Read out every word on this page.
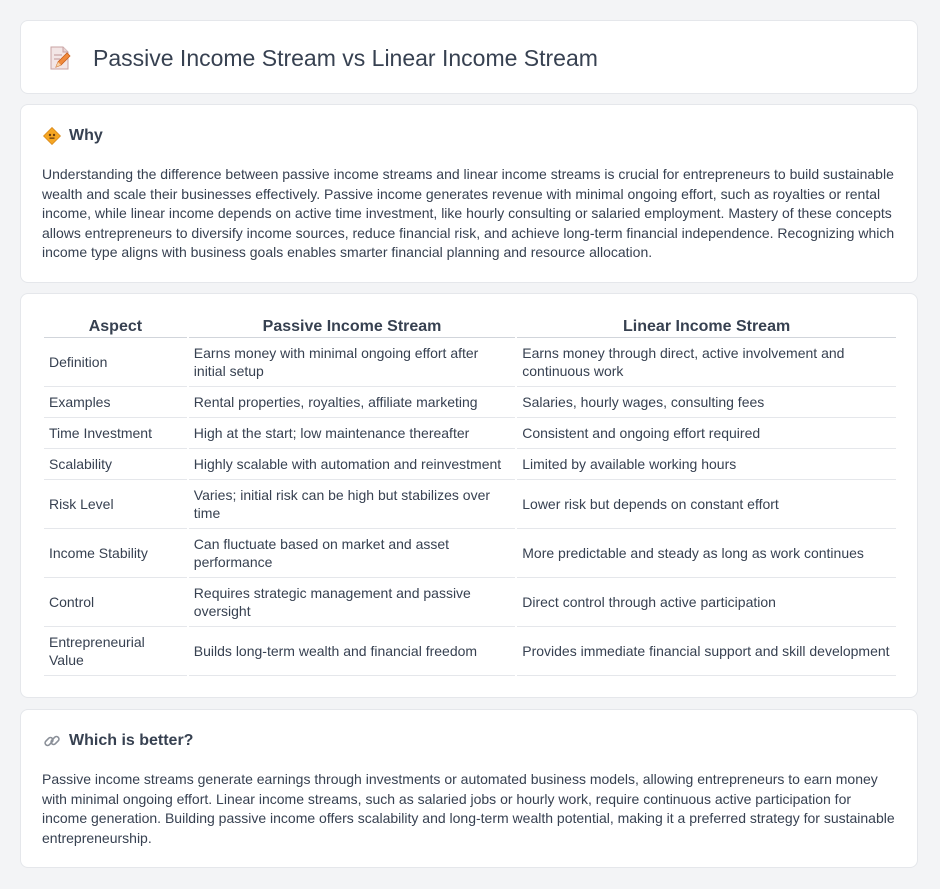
Passive Income Stream vs Linear Income Stream
Why

Understanding the difference between passive income streams and linear income streams is crucial for entrepreneurs to build sustainable wealth and scale their businesses effectively. Passive income generates revenue with minimal ongoing effort, such as royalties or rental income, while linear income depends on active time investment, like hourly consulting or salaried employment. Mastery of these concepts allows entrepreneurs to diversify income sources, reduce financial risk, and achieve long-term financial independence. Recognizing which income type aligns with business goals enables smarter financial planning and resource allocation.

Aspect	Passive Income Stream	Linear Income Stream
Definition	Earns money with minimal ongoing effort after initial setup	Earns money through direct, active involvement and continuous work
Examples	Rental properties, royalties, affiliate marketing	Salaries, hourly wages, consulting fees
Time Investment	High at the start; low maintenance thereafter	Consistent and ongoing effort required
Scalability	Highly scalable with automation and reinvestment	Limited by available working hours
Risk Level	Varies; initial risk can be high but stabilizes over time	Lower risk but depends on constant effort
Income Stability	Can fluctuate based on market and asset performance	More predictable and steady as long as work continues
Control	Requires strategic management and passive oversight	Direct control through active participation
Entrepreneurial Value	Builds long-term wealth and financial freedom	Provides immediate financial support and skill development
Which is better?

Passive income streams generate earnings through investments or automated business models, allowing entrepreneurs to earn money with minimal ongoing effort. Linear income streams, such as salaried jobs or hourly work, require continuous active participation for income generation. Building passive income offers scalability and long-term wealth potential, making it a preferred strategy for sustainable entrepreneurship.
